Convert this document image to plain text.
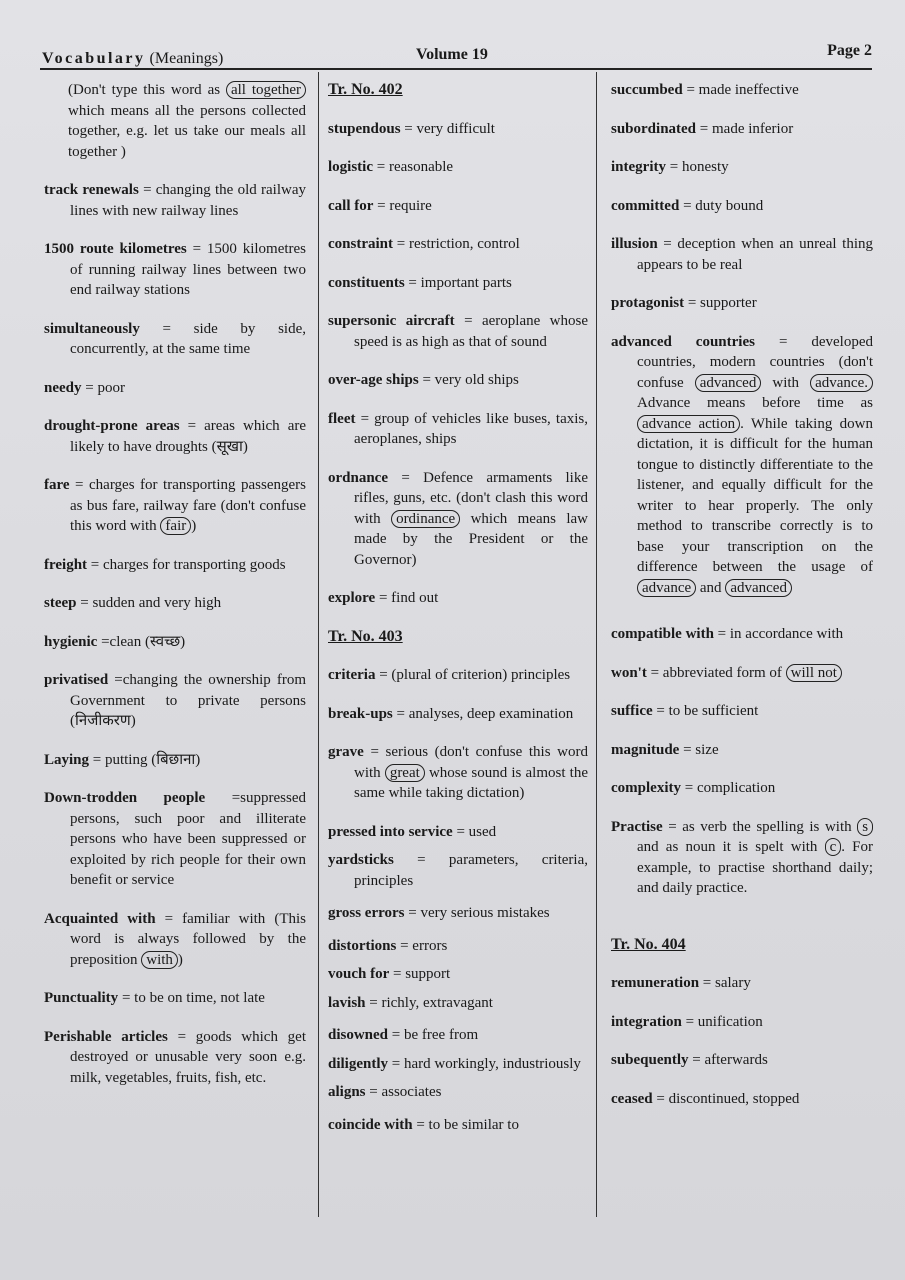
Vocabulary (Meanings)	Volume 19	Page 2
(Don't type this word as all together which means all the persons collected together, e.g. let us take our meals all together )
track renewals = changing the old railway lines with new railway lines
1500 route kilometres = 1500 kilometres of running railway lines between two end railway stations
simultaneously = side by side, concurrently, at the same time
needy = poor
drought-prone areas = areas which are likely to have droughts (सूखा)
fare = charges for transporting passengers as bus fare, railway fare (don't confuse this word with fair )
freight = charges for transporting goods
steep = sudden and very high
hygienic =clean (स्वच्छ)
privatised =changing the ownership from Government to private persons (निजीकरण)
Laying = putting (बिछाना)
Down-trodden people =suppressed persons, such poor and illiterate persons who have been suppressed or exploited by rich people for their own benefit or service
Acquainted with = familiar with (This word is always followed by the preposition with )
Punctuality = to be on time, not late
Perishable articles = goods which get destroyed or unusable very soon e.g. milk, vegetables, fruits, fish, etc.
Tr. No. 402
stupendous = very difficult
logistic = reasonable
call for = require
constraint = restriction, control
constituents = important parts
supersonic aircraft = aeroplane whose speed is as high as that of sound
over-age ships = very old ships
fleet = group of vehicles like buses, taxis, aeroplanes, ships
ordnance = Defence armaments like rifles, guns, etc. (don't clash this word with ordinance which means law made by the President or the Governor)
explore = find out
Tr. No. 403
criteria = (plural of criterion) principles
break-ups = analyses, deep examination
grave = serious (don't confuse this word with great whose sound is almost the same while taking dictation)
pressed into service = used
yardsticks = parameters, criteria, principles
gross errors = very serious mistakes
distortions = errors
vouch for = support
lavish = richly, extravagant
disowned = be free from
diligently = hard workingly, industriously
aligns = associates
coincide with = to be similar to
succumbed = made ineffective
subordinated = made inferior
integrity = honesty
committed = duty bound
illusion = deception when an unreal thing appears to be real
protagonist = supporter
advanced countries = developed countries, modern countries (don't confuse advanced with advance. Advance means before time as advance action . While taking down dictation, it is difficult for the human tongue to distinctly differentiate to the listener, and equally difficult for the writer to hear properly. The only method to transcribe correctly is to base your transcription on the difference between the usage of advance and advanced
compatible with = in accordance with
won't = abbreviated form of will not
suffice = to be sufficient
magnitude = size
complexity = complication
Practise = as verb the spelling is with s and as noun it is spelt with c . For example, to practise shorthand daily; and daily practice.
Tr. No. 404
remuneration = salary
integration = unification
subequently = afterwards
ceased = discontinued, stopped
